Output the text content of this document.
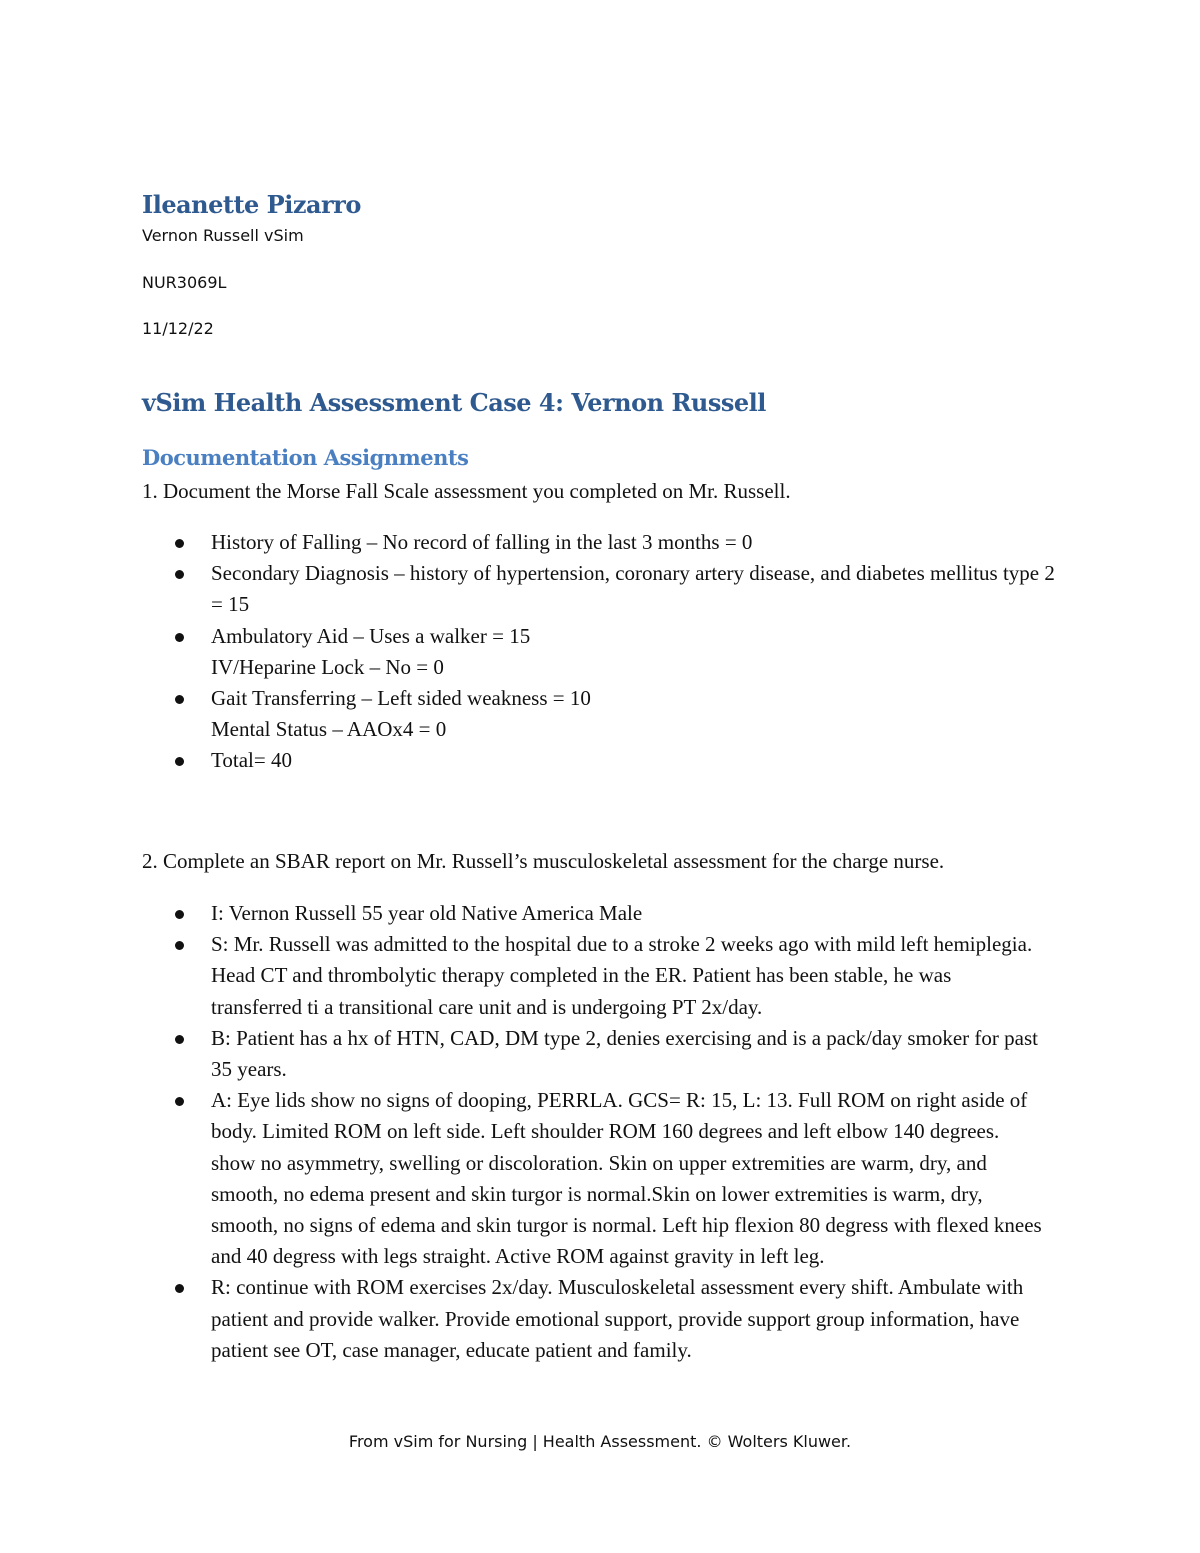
Ileanette Pizarro
Vernon Russell vSim
NUR3069L
11/12/22
vSim Health Assessment Case 4: Vernon Russell
Documentation Assignments
1. Document the Morse Fall Scale assessment you completed on Mr. Russell.
History of Falling – No record of falling in the last 3 months = 0
Secondary Diagnosis – history of hypertension, coronary artery disease, and diabetes mellitus type 2 = 15
Ambulatory Aid – Uses a walker = 15
IV/Heparine Lock – No = 0
Gait Transferring – Left sided weakness = 10
Mental Status – AAOx4 = 0
Total= 40
2. Complete an SBAR report on Mr. Russell’s musculoskeletal assessment for the charge nurse.
I: Vernon Russell 55 year old Native America Male
S: Mr. Russell was admitted to the hospital due to a stroke 2 weeks ago with mild left hemiplegia. Head CT and thrombolytic therapy completed in the ER. Patient has been stable, he was transferred ti a transitional care unit and is undergoing PT 2x/day.
B: Patient has a hx of HTN, CAD, DM type 2, denies exercising and is a pack/day smoker for past 35 years.
A: Eye lids show no signs of dooping, PERRLA. GCS= R: 15, L: 13. Full ROM on right aside of body. Limited ROM on left side. Left shoulder ROM 160 degrees and left elbow 140 degrees. show no asymmetry, swelling or discoloration. Skin on upper extremities are warm, dry, and smooth, no edema present and skin turgor is normal.Skin on lower extremities is warm, dry, smooth, no signs of edema and skin turgor is normal. Left hip flexion 80 degress with flexed knees and 40 degress with legs straight. Active ROM against gravity in left leg.
R: continue with ROM exercises 2x/day. Musculoskeletal assessment every shift. Ambulate with patient and provide walker. Provide emotional support, provide support group information, have patient see OT, case manager, educate patient and family.
From vSim for Nursing | Health Assessment. © Wolters Kluwer.
